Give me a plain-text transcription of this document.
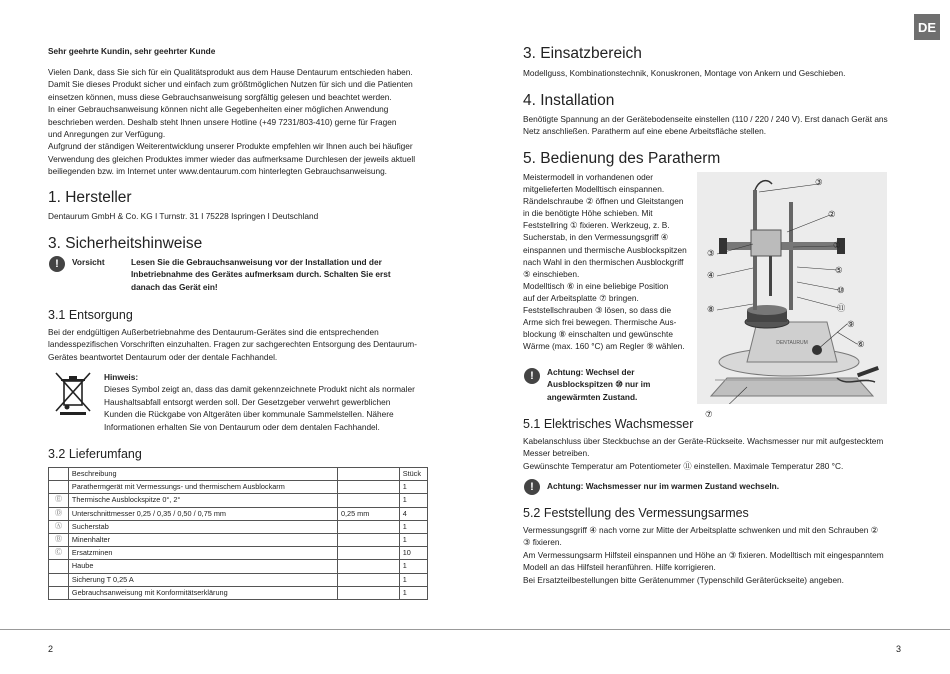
Sehr geehrte Kundin, sehr geehrter Kunde
Vielen Dank, dass Sie sich für ein Qualitätsprodukt aus dem Hause Dentaurum entschieden haben.
Damit Sie dieses Produkt sicher und einfach zum größtmöglichen Nutzen für sich und die Patienten
einsetzen können, muss diese Gebrauchsanweisung sorgfältig gelesen und beachtet werden.
In einer Gebrauchsanweisung können nicht alle Gegebenheiten einer möglichen Anwendung
beschrieben werden. Deshalb steht Ihnen unsere Hotline (+49 7231/803-410) gerne für Fragen
und Anregungen zur Verfügung.
Aufgrund der ständigen Weiterentwicklung unserer Produkte empfehlen wir Ihnen auch bei häufiger
Verwendung des gleichen Produktes immer wieder das aufmerksame Durchlesen der jeweils aktuell
beiliegenden bzw. im Internet unter www.dentaurum.com hinterlegten Gebrauchsanweisung.
1. Hersteller
Dentaurum GmbH & Co. KG I Turnstr. 31 I 75228 Ispringen I Deutschland
3. Sicherheitshinweise
!	Vorsicht	Lesen Sie die Gebrauchsanweisung vor der Installation und der
Inbetriebnahme des Gerätes aufmerksam durch. Schalten Sie erst
danach das Gerät ein!
3.1 Entsorgung
Bei der endgültigen Außerbetriebnahme des Dentaurum-Gerätes sind die entsprechenden
landesspezifischen Vorschriften einzuhalten. Fragen zur sachgerechten Entsorgung des Dentaurum-
Gerätes beantwortet Dentaurum oder der dentale Fachhandel.
Hinweis:
Dieses Symbol zeigt an, dass das damit gekennzeichnete Produkt nicht als normaler
Haushaltsabfall entsorgt werden soll. Der Gesetzgeber verwehrt gewerblichen
Kunden die Rückgabe von Altgeräten über kommunale Sammelstellen. Nähere
Informationen erhalten Sie von Dentaurum oder dem dentalen Fachhandel.
3.2 Lieferumfang
	Beschreibung		Stück
	Parathermgerät mit Vermessungs- und thermischem Ausblockarm		1
Ⓔ	Thermische Ausblockspitze 0°, 2°		1
Ⓓ	Unterschnittmesser 0,25 / 0,35 / 0,50 / 0,75 mm	0,25 mm	4
Ⓐ	Sucherstab		1
Ⓑ	Minenhalter		1
Ⓒ	Ersatzminen		10
	Haube		1
	Sicherung T 0,25 A		1
	Gebrauchsanweisung mit Konformitätserklärung		1
2
DE
3. Einsatzbereich
Modellguss, Kombinationstechnik, Konuskronen, Montage von Ankern und Geschieben.
4. Installation
Benötigte Spannung an der Gerätebodenseite einstellen (110 / 220 / 240 V). Erst danach Gerät ans
Netz anschließen. Paratherm auf eine ebene Arbeitsfläche stellen.
5. Bedienung des Paratherm
Meistermodell in vorhandenen oder
mitgelieferten Modelltisch einspannen.
Rändelschraube ② öffnen und Gleitstangen
in die benötigte Höhe schieben. Mit
Feststellring ① fixieren. Werkzeug, z. B.
Sucherstab, in den Vermessungsgriff ④
einspannen und thermische Ausblockspitzen
nach Wahl in den thermischen Ausblockgriff
⑤ einschieben.
Modelltisch ⑥ in eine beliebige Position
auf der Arbeitsplatte ⑦ bringen.
Feststellschrauben ③ lösen, so dass die
Arme sich frei bewegen. Thermische Aus-
blockung ⑧ einschalten und gewünschte
Wärme (max. 160 °C) am Regler ⑨ wählen.
!	Achtung: Wechsel der
Ausblockspitzen ⑩ nur im
angewärmten Zustand.
DENTAURUM
③
②
①
⑤
⑩
⑪
⑨
⑥
⑦
③
④
⑧
5.1 Elektrisches Wachsmesser
Kabelanschluss über Steckbuchse an der Geräte-Rückseite. Wachsmesser nur mit aufgestecktem
Messer betreiben.
Gewünschte Temperatur am Potentiometer ⑪ einstellen. Maximale Temperatur 280 °C.
!	Achtung: Wachsmesser nur im warmen Zustand wechseln.
5.2 Feststellung des Vermessungsarmes
Vermessungsgriff ④ nach vorne zur Mitte der Arbeitsplatte schwenken und mit den Schrauben ②
③ fixieren.
Am Vermessungsarm Hilfsteil einspannen und Höhe an ③ fixieren. Modelltisch mit eingespanntem
Modell an das Hilfsteil heranführen. Hilfe korrigieren.
Bei Ersatzteilbestellungen bitte Gerätenummer (Typenschild Geräterückseite) angeben.
3
